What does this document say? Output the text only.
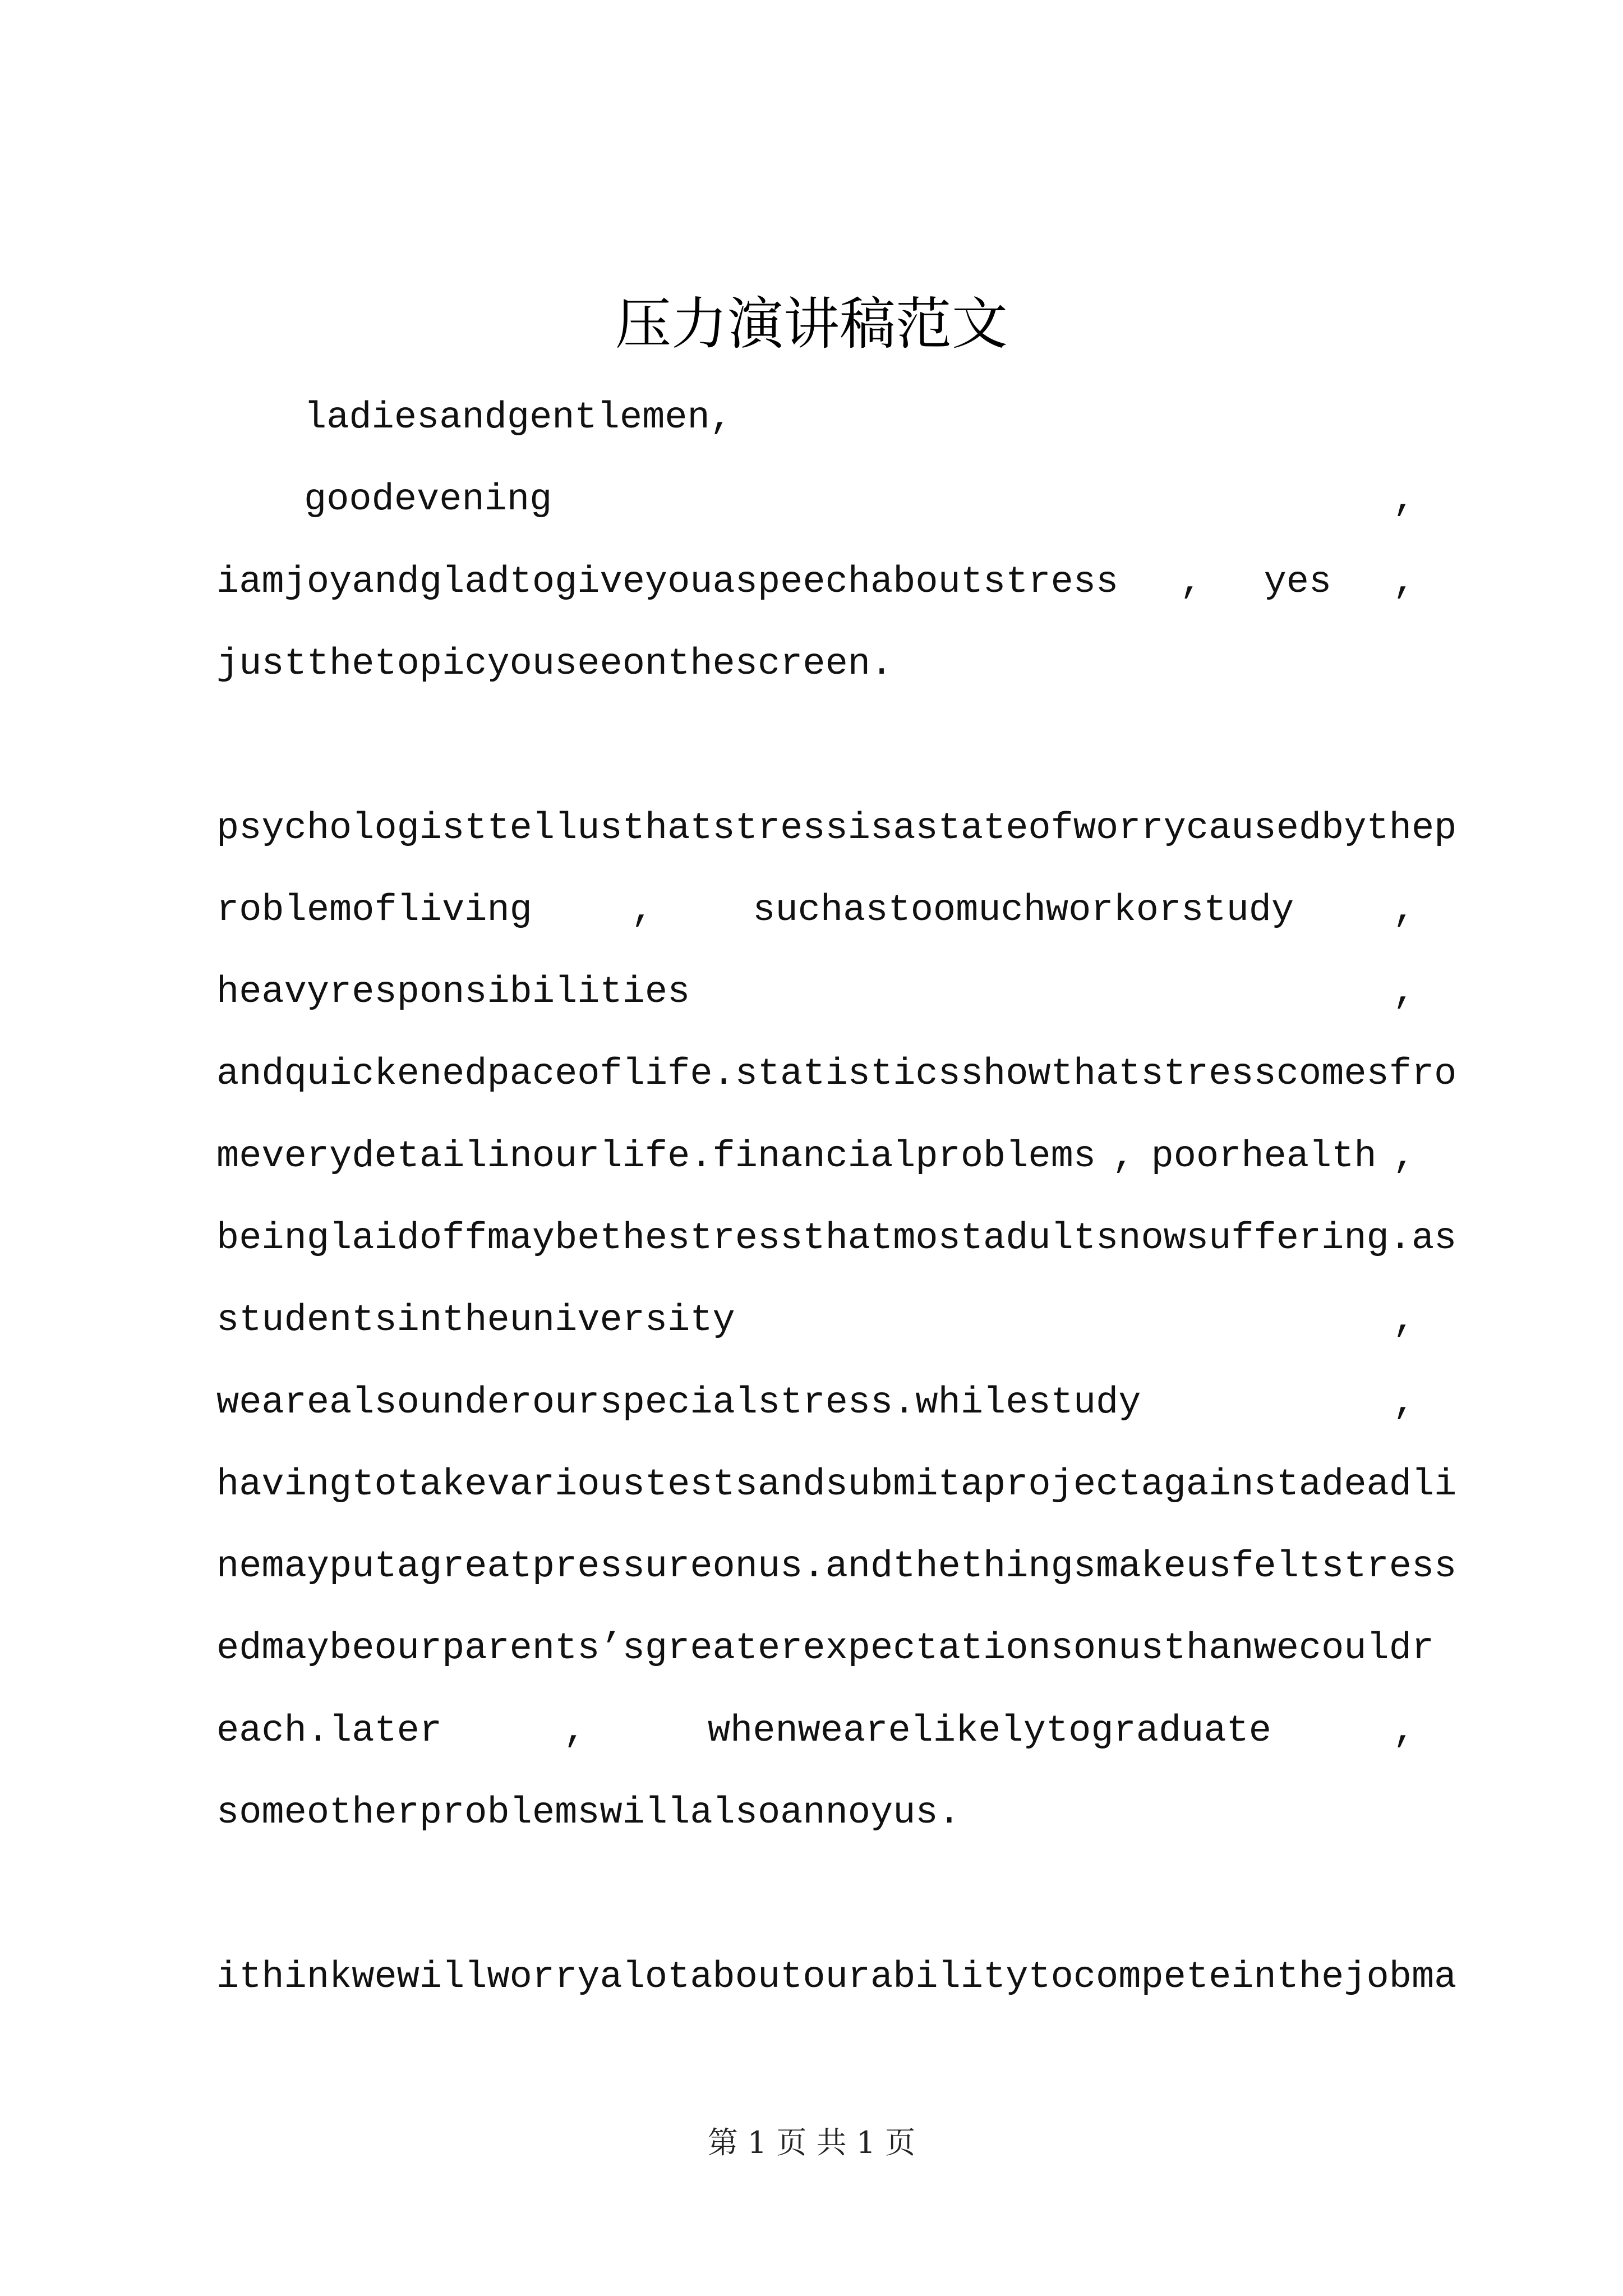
压力演讲稿范文
ladiesandgentlemen,
goodevening	,
iamjoyandgladtogiveyouaspeechaboutstress , yes ,
justthetopicyouseeonthescreen.
psychologisttellusthatstressisastateofworrycausedbythep
roblemofliving	,	suchastoomuchworkorstudy	,
heavyresponsibilities	,
andquickenedpaceoflife.statisticsshowthatstresscomesfro
meverydetailinourlife.financialproblems , poorhealth ,
beinglaidoffmaybethestressthatmostadultsnowsuffering.as
studentsintheuniversity	,
wearealsounderourspecialstress.whilestudy	,
havingtotakevarioustestsandsubmitaprojectagainstadeadli
nemayputagreatpressureonus.andthethingsmakeusfeltstress
edmaybeourparents’sgreaterexpectationsonusthanwecouldr
each.later	,	whenwearelikelytograduate	,
someotherproblemswillalsoannoyus.
ithinkwewillworryalotaboutourabilitytocompeteinthejobma
第 1 页 共 1 页
